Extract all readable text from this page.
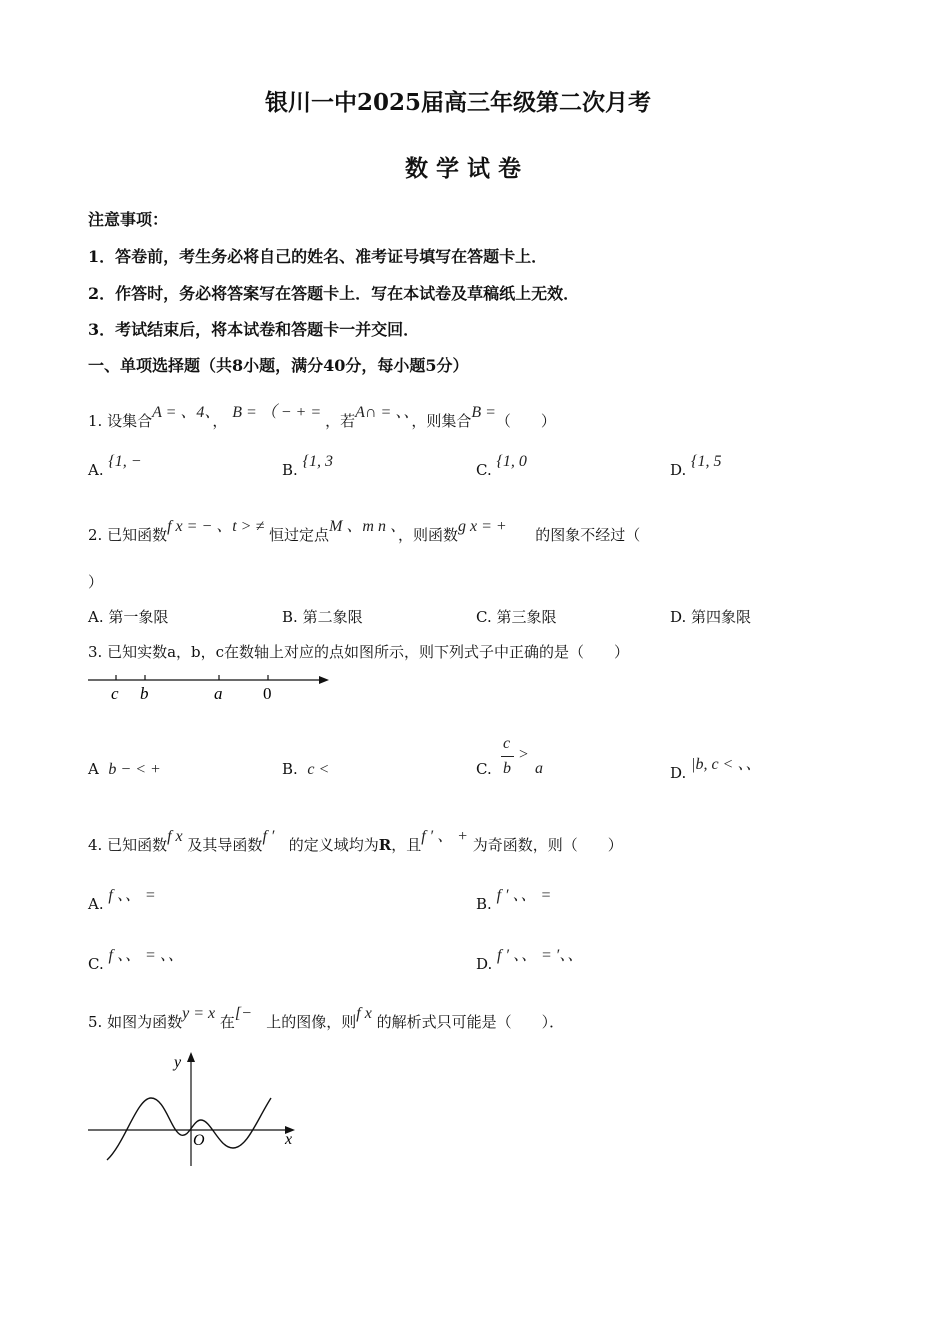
银川一中2025届高三年级第二次月考
数 学 试 卷
注意事项：
1．答卷前，考生务必将自己的姓名、准考证号填写在答题卡上．
2．作答时，务必将答案写在答题卡上．写在本试卷及草稿纸上无效．
3．考试结束后，将本试卷和答题卡一并交回．
一、单项选择题（共8小题，满分40分，每小题5分）
1. 设集合A = 、4、， B = （ − + = ，若A∩ = 、、，则集合B =（　　）
A. {1, −	B. {1, 3	C. {1, 0	D. {1, 5
2. 已知函数f x = − 、t > ≠ 恒过定点M 、m n 、，则函数g x = + 的图象不经过（
）
A. 第一象限	B. 第二象限	C. 第三象限	D. 第四象限
3. 已知实数a，b，c在数轴上对应的点如图所示，则下列式子中正确的是（　　）
c b	a 0
A b − < +	B. c <	C.
c
b
>
a	D. |b, c < 、、
4. 已知函数f x 及其导函数f ′ 的定义域均为R，且f ′ 、 + 为奇函数，则（　　）
A. f 、、 =	B. f ′ 、、 =
C. f 、、 = 、、	D. f ′ 、、 = ′、、
5. 如图为函数y = x 在[− 上的图像，则f x 的解析式只可能是（　　）．
y
x
O
